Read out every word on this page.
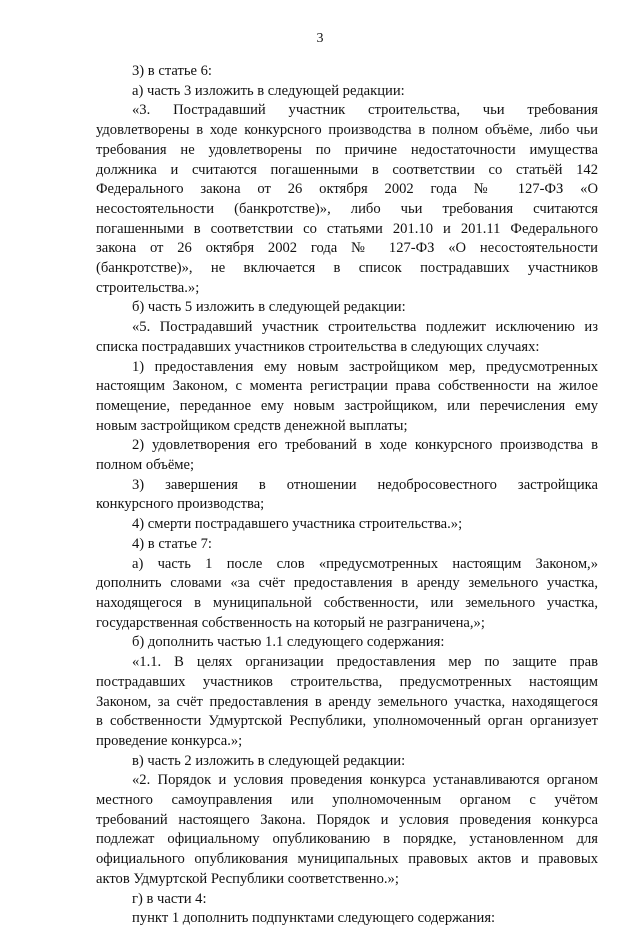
3
3) в статье 6:
а) часть 3 изложить в следующей редакции:
«3. Пострадавший участник строительства, чьи требования
удовлетворены в ходе конкурсного производства в полном объёме, либо чьи
требования не удовлетворены по причине недостаточности имущества
должника и считаются погашенными в соответствии со статьёй 142
Федерального закона от 26 октября 2002 года № 127-ФЗ «О
несостоятельности (банкротстве)», либо чьи требования считаются
погашенными в соответствии со статьями 201.10 и 201.11 Федерального
закона от 26 октября 2002 года № 127-ФЗ «О несостоятельности
(банкротстве)», не включается в список пострадавших участников
строительства.»;
б) часть 5 изложить в следующей редакции:
«5. Пострадавший участник строительства подлежит исключению из
списка пострадавших участников строительства в следующих случаях:
1) предоставления ему новым застройщиком мер, предусмотренных
настоящим Законом, с момента регистрации права собственности на жилое
помещение, переданное ему новым застройщиком, или перечисления ему
новым застройщиком средств денежной выплаты;
2) удовлетворения его требований в ходе конкурсного производства в
полном объёме;
3) завершения в отношении недобросовестного застройщика
конкурсного производства;
4) смерти пострадавшего участника строительства.»;
4) в статье 7:
а) часть 1 после слов «предусмотренных настоящим Законом,»
дополнить словами «за счёт предоставления в аренду земельного участка,
находящегося в муниципальной собственности, или земельного участка,
государственная собственность на который не разграничена,»;
б) дополнить частью 1.1 следующего содержания:
«1.1. В целях организации предоставления мер по защите прав
пострадавших участников строительства, предусмотренных настоящим
Законом, за счёт предоставления в аренду земельного участка, находящегося
в собственности Удмуртской Республики, уполномоченный орган организует
проведение конкурса.»;
в) часть 2 изложить в следующей редакции:
«2. Порядок и условия проведения конкурса устанавливаются органом
местного самоуправления или уполномоченным органом с учётом
требований настоящего Закона. Порядок и условия проведения конкурса
подлежат официальному опубликованию в порядке, установленном для
официального опубликования муниципальных правовых актов и правовых
актов Удмуртской Республики соответственно.»;
г) в части 4:
пункт 1 дополнить подпунктами следующего содержания:
